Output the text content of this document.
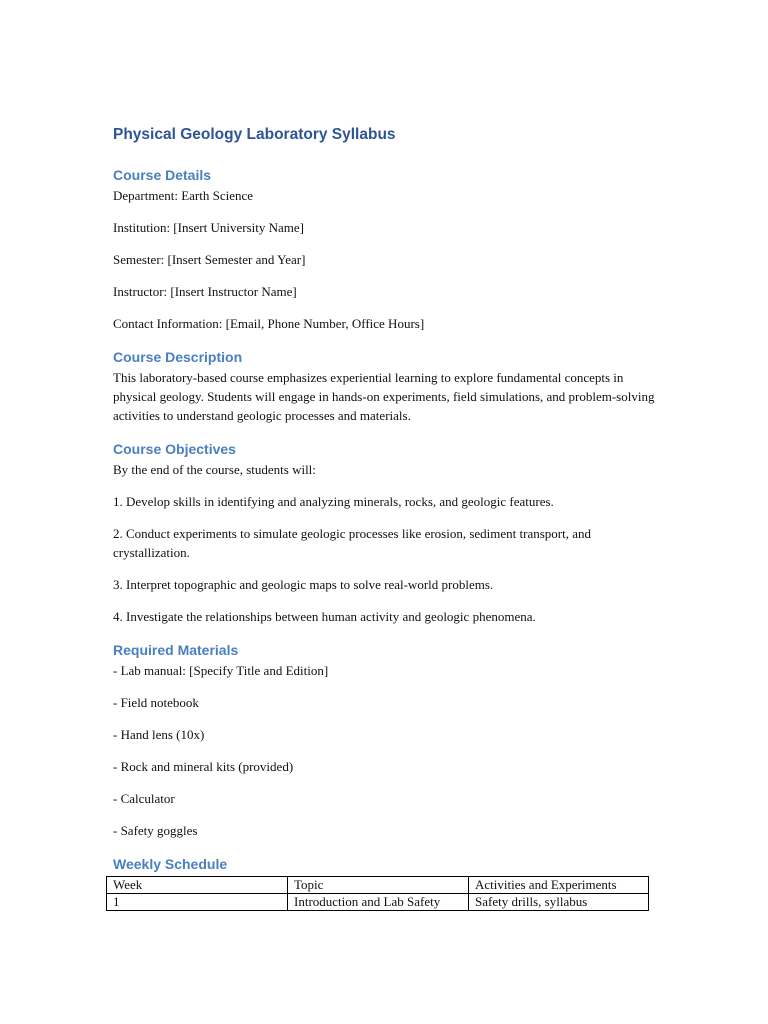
Physical Geology Laboratory Syllabus
Course Details
Department: Earth Science
Institution: [Insert University Name]
Semester: [Insert Semester and Year]
Instructor: [Insert Instructor Name]
Contact Information: [Email, Phone Number, Office Hours]
Course Description
This laboratory-based course emphasizes experiential learning to explore fundamental concepts in physical geology. Students will engage in hands-on experiments, field simulations, and problem-solving activities to understand geologic processes and materials.
Course Objectives
By the end of the course, students will:
1. Develop skills in identifying and analyzing minerals, rocks, and geologic features.
2. Conduct experiments to simulate geologic processes like erosion, sediment transport, and crystallization.
3. Interpret topographic and geologic maps to solve real-world problems.
4. Investigate the relationships between human activity and geologic phenomena.
Required Materials
- Lab manual: [Specify Title and Edition]
- Field notebook
- Hand lens (10x)
- Rock and mineral kits (provided)
- Calculator
- Safety goggles
Weekly Schedule
Week	Topic	Activities and Experiments
1	Introduction and Lab Safety	Safety drills, syllabus
